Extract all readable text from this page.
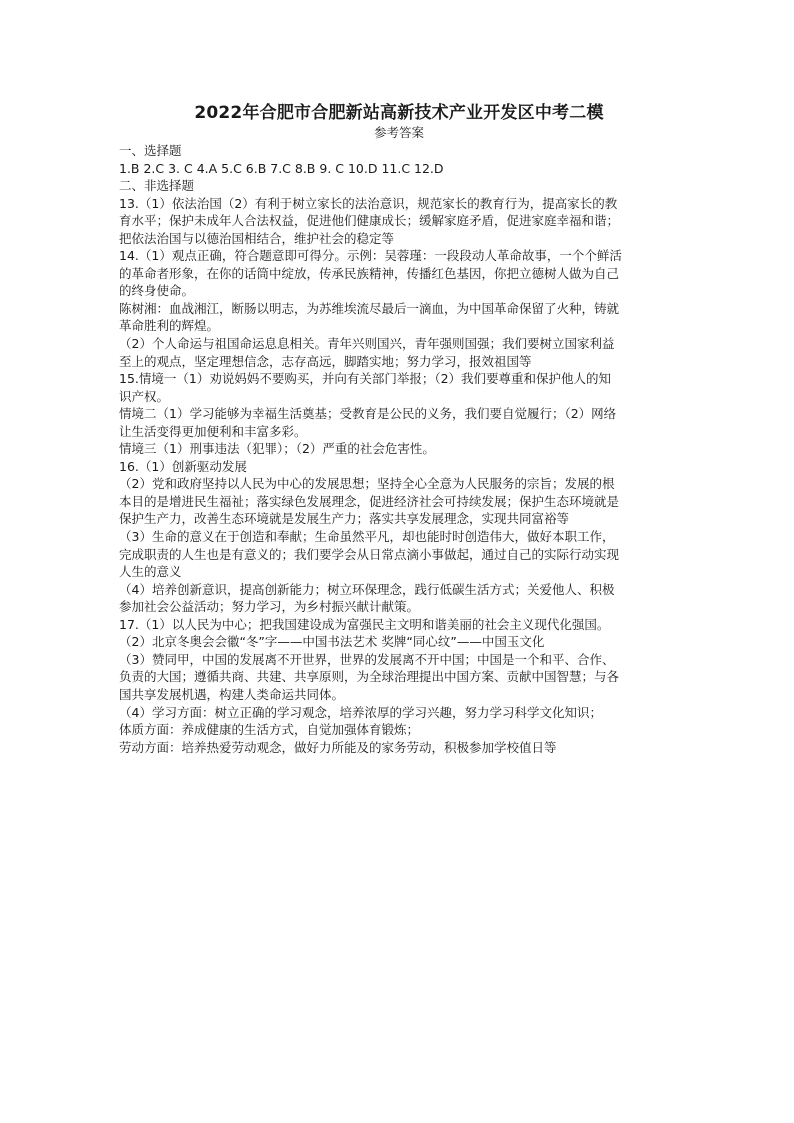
2022年合肥市合肥新站高新技术产业开发区中考二模

参考答案

一、选择题

1.B 2.C 3. C 4.A 5.C 6.B 7.C 8.B 9. C 10.D 11.C 12.D

二、非选择题

13.（1）依法治国（2）有利于树立家长的法治意识，规范家长的教育行为，提高家长的教

育水平；保护未成年人合法权益，促进他们健康成长；缓解家庭矛盾，促进家庭幸福和谐；

把依法治国与以德治国相结合，维护社会的稳定等

14.（1）观点正确，符合题意即可得分。示例：吴蓉瑾：一段段动人革命故事，一个个鲜活

的革命者形象，在你的话筒中绽放，传承民族精神，传播红色基因，你把立德树人做为自己

的终身使命。

陈树湘：血战湘江，断肠以明志，为苏维埃流尽最后一滴血，为中国革命保留了火种，铸就

革命胜利的辉煌。

（2）个人命运与祖国命运息息相关。青年兴则国兴，青年强则国强；我们要树立国家利益

至上的观点，坚定理想信念，志存高远，脚踏实地；努力学习，报效祖国等

15.情境一（1）劝说妈妈不要购买，并向有关部门举报；（2）我们要尊重和保护他人的知

识产权。

情境二（1）学习能够为幸福生活奠基；受教育是公民的义务，我们要自觉履行；（2）网络

让生活变得更加便利和丰富多彩。

情境三（1）刑事违法（犯罪）；（2）严重的社会危害性。

16.（1）创新驱动发展

（2）党和政府坚持以人民为中心的发展思想；坚持全心全意为人民服务的宗旨；发展的根

本目的是增进民生福祉；落实绿色发展理念，促进经济社会可持续发展；保护生态环境就是

保护生产力，改善生态环境就是发展生产力；落实共享发展理念，实现共同富裕等

（3）生命的意义在于创造和奉献；生命虽然平凡，却也能时时创造伟大，做好本职工作，

完成职责的人生也是有意义的；我们要学会从日常点滴小事做起，通过自己的实际行动实现

人生的意义

（4）培养创新意识，提高创新能力；树立环保理念，践行低碳生活方式；关爱他人、积极

参加社会公益活动；努力学习，为乡村振兴献计献策。

17.（1）以人民为中心；把我国建设成为富强民主文明和谐美丽的社会主义现代化强国。

（2）北京冬奥会会徽“冬”字——中国书法艺术 奖牌“同心纹”——中国玉文化

（3）赞同甲，中国的发展离不开世界，世界的发展离不开中国；中国是一个和平、合作、

负责的大国；遵循共商、共建、共享原则，为全球治理提出中国方案、贡献中国智慧；与各

国共享发展机遇，构建人类命运共同体。

（4）学习方面：树立正确的学习观念，培养浓厚的学习兴趣，努力学习科学文化知识；

体质方面：养成健康的生活方式，自觉加强体育锻炼；

劳动方面：培养热爱劳动观念，做好力所能及的家务劳动，积极参加学校值日等
